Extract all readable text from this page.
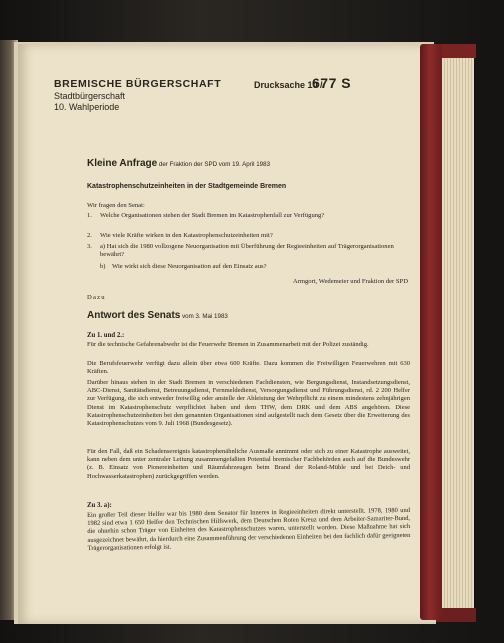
BREMISCHE BÜRGERSCHAFT
Stadtbürgerschaft
10. Wahlperiode
Drucksache 10 /
677 S
Kleine Anfrage der Fraktion der SPD vom 19. April 1983
Katastrophenschutzeinheiten in der Stadtgemeinde Bremen
Wir fragen den Senat:
1. Welche Organisationen stehen der Stadt Bremen im Katastrophenfall zur Verfügung?
2. Wie viele Kräfte wirken in den Katastrophenschutzeinheiten mit?
3. a) Hat sich die 1980 vollzogene Neuorganisation mit Überführung der Regieeinheiten auf Trägerorganisationen bewährt?
b) Wie wirkt sich diese Neuorganisation auf den Einsatz aus?
Armgort, Wedemeier und Fraktion der SPD
Dazu
Antwort des Senats vom 3. Mai 1983
Zu 1. und 2.:
Für die technische Gefahrenabwehr ist die Feuerwehr Bremen in Zusammenarbeit mit der Polizei zuständig.
Die Berufsfeuerwehr verfügt dazu allein über etwa 600 Kräfte. Dazu kommen die Freiwilligen Feuerwehren mit 630 Kräften.
Darüber hinaus stehen in der Stadt Bremen in verschiedenen Fachdiensten, wie Bergungsdienst, Instandsetzungsdienst, ABC-Dienst, Sanitätsdienst, Betreuungsdienst, Fernmeldedienst, Versorgungsdienst und Führungsdienst, rd. 2 200 Helfer zur Verfügung, die sich entweder freiwillig oder anstelle der Ableistung der Wehrpflicht zu einem mindestens zehnjährigen Dienst im Katastrophenschutz verpflichtet haben und dem THW, dem DRK und dem ABS angehören. Diese Katastrophenschutzeinheiten bei den genannten Organisationen sind aufgestellt nach dem Gesetz über die Erweiterung des Katastrophenschutzes vom 9. Juli 1968 (Bundesgesetz).
Für den Fall, daß ein Schadensereignis katastrophenähnliche Ausmaße annimmt oder sich zu einer Katastrophe ausweitet, kann neben dem unter zentraler Leitung zusammengefaßten Potential bremischer Fachbehörden auch auf die Bundeswehr (z. B. Einsatz von Pionereinheiten und Räumfahrzeugen beim Brand der Roland-Mühle und bei Deich- und Hochwasserkatastrophen) zurückgegriffen werden.
Zu 3. a):
Ein großer Teil dieser Helfer war bis 1980 dem Senator für Inneres in Regieeinheiten direkt unterstellt. 1978, 1980 und 1982 sind etwa 1 650 Helfer den Technischen Hilfswerk, dem Deutschen Roten Kreuz und dem Arbeiter-Samariter-Bund, die ohnehin schon Träger von Einheiten des Katastrophenschutzes waren, unterstellt worden. Diese Maßnahme hat sich ausgezeichnet bewährt, da hierdurch eine Zusammenführung der verschiedenen Einheiten bei den fachlich dafür geeigneten Trägerorganisationen erfolgt ist.
